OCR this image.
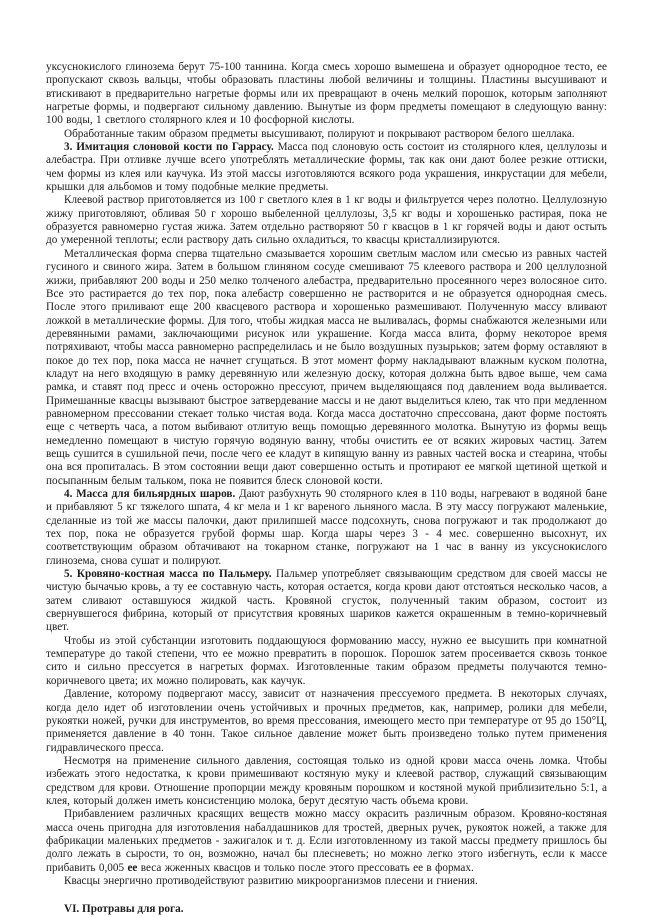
уксуснокислого глинозема берут 75-100 таннина. Когда смесь хорошо вымешена и образует однородное тесто, ее пропускают сквозь вальцы, чтобы образовать пластины любой величины и толщины. Пластины высушивают и втискивают в предварительно нагретые формы или их превращают в очень мелкий порошок, которым заполняют нагретые формы, и подвергают сильному давлению. Вынутые из форм предметы помещают в следующую ванну: 100 воды, 1 светлого столярного клея и 10 фосфорной кислоты.

Обработанные таким образом предметы высушивают, полируют и покрывают раствором белого шеллака.

3. Имитация слоновой кости по Гаррасу. Масса под слоновую ость состоит из столярного клея, целлулозы и алебастра. При отливке лучше всего употреблять металлические формы, так как они дают более резкие оттиски, чем формы из клея или каучука. Из этой массы изготовляются всякого рода украшения, инкрустации для мебели, крышки для альбомов и тому подобные мелкие предметы.

Клеевой раствор приготовляется из 100 г светлого клея в 1 кг воды и фильтруется через полотно. Целлулозную жижу приготовляют, обливая 50 г хорошо выбеленной целлулозы, 3,5 кг воды и хорошенько растирая, пока не образуется равномерно густая жижа. Затем отдельно растворяют 50 г квасцов в 1 кг горячей воды и дают остыть до умеренной теплоты; если раствору дать сильно охладиться, то квасцы кристаллизируются.

Металлическая форма сперва тщательно смазывается хорошим светлым маслом или смесью из равных частей гусиного и свиного жира. Затем в большом глиняном сосуде смешивают 75 клеевого раствора и 200 целлулозной жижи, прибавляют 200 воды и 250 мелко толченого алебастра, предварительно просеянного через волосяное сито. Все это растирается до тех пор, пока алебастр совершенно не растворится и не образуется однородная смесь. После этого приливают еще 200 квасцевого раствора и хорошенько размешивают. Полученную массу вливают ложкой в металлические формы. Для того, чтобы жидкая масса не выливалась, формы снабжаются железными или деревянными рамами, заключающими рисунок или украшение. Когда масса влита, форму некоторое время потряхивают, чтобы масса равномерно распределилась и не было воздушных пузырьков; затем форму оставляют в покое до тех пор, пока масса не начнет сгущаться. В этот момент форму накладывают влажным куском полотна, кладут на него входящую в рамку деревянную или железную доску, которая должна быть вдвое выше, чем сама рамка, и ставят под пресс и очень осторожно прессуют, причем выделяющаяся под давлением вода выливается. Примешанные квасцы вызывают быстрое затвердевание массы и не дают выделиться клею, так что при медленном равномерном прессовании стекает только чистая вода. Когда масса достаточно спрессована, дают форме постоять еще с четверть часа, а потом выбивают отлитую вещь помощью деревянного молотка. Вынутую из формы вещь немедленно помещают в чистую горячую водяную ванну, чтобы очистить ее от всяких жировых частиц. Затем вещь сушится в сушильной печи, после чего ее кладут в кипящую ванну из равных частей воска и стеарина, чтобы она вся пропиталась. В этом состоянии вещи дают совершенно остыть и протирают ее мягкой щетиной щеткой и посыпанным белым тальком, пока не появится блеск слоновой кости.

4. Масса для бильярдных шаров. Дают разбухнуть 90 столярного клея в 110 воды, нагревают в водяной бане и прибавляют 5 кг тяжелого шпата, 4 кг мела и 1 кг вареного льняного масла. В эту массу погружают маленькие, сделанные из той же массы палочки, дают прилипшей массе подсохнуть, снова погружают и так продолжают до тех пор, пока не образуется грубой формы шар. Когда шары через 3 - 4 мес. совершенно высохнут, их соответствующим образом обтачивают на токарном станке, погружают на 1 час в ванну из уксуснокислого глинозема, снова сушат и полируют.

5. Кровяно-костная масса по Пальмеру. Пальмер употребляет связывающим средством для своей массы не чистую бычачью кровь, а ту ее составную часть, которая остается, когда крови дают отстояться несколько часов, а затем сливают оставшуюся жидкой часть. Кровяной сгусток, полученный таким образом, состоит из свернувшегося фибрина, который от присутствия кровяных шариков кажется окрашенным в темно-коричневый цвет.

Чтобы из этой субстанции изготовить поддающуюся формованию массу, нужно ее высушить при комнатной температуре до такой степени, что ее можно превратить в порошок. Порошок затем просеивается сквозь тонкое сито и сильно прессуется в нагретых формах. Изготовленные таким образом предметы получаются темно-коричневого цвета; их можно полировать, как каучук.

Давление, которому подвергают массу, зависит от назначения прессуемого предмета. В некоторых случаях, когда дело идет об изготовлении очень устойчивых и прочных предметов, как, например, ролики для мебели, рукоятки ножей, ручки для инструментов, во время прессования, имеющего место при температуре от 95 до 150°Ц, применяется давление в 40 тонн. Такое сильное давление может быть произведено только путем применения гидравлического пресса.

Несмотря на применение сильного давления, состоящая только из одной крови масса очень ломка. Чтобы избежать этого недостатка, к крови примешивают костяную муку и клеевой раствор, служащий связывающим средством для крови. Отношение пропорции между кровяным порошком и костяной мукой приблизительно 5:1, а клея, который должен иметь консистенцию молока, берут десятую часть объема крови.

Прибавлением различных красящих веществ можно массу окрасить различным образом. Кровяно-костяная масса очень пригодна для изготовления набалдашников для тростей, дверных ручек, рукояток ножей, а также для фабрикации маленьких предметов - зажигалок и т. д. Если изготовленному из такой массы предмету пришлось бы долго лежать в сырости, то он, возможно, начал бы плесневеть; но можно легко этого избегнуть, если к массе прибавить 0,005 ее веса жженных квасцов и только после этого прессовать ее в формах.

Квасцы энергично противодействуют развитию микроорганизмов плесени и гниения.

VI. Протравы для рога.
